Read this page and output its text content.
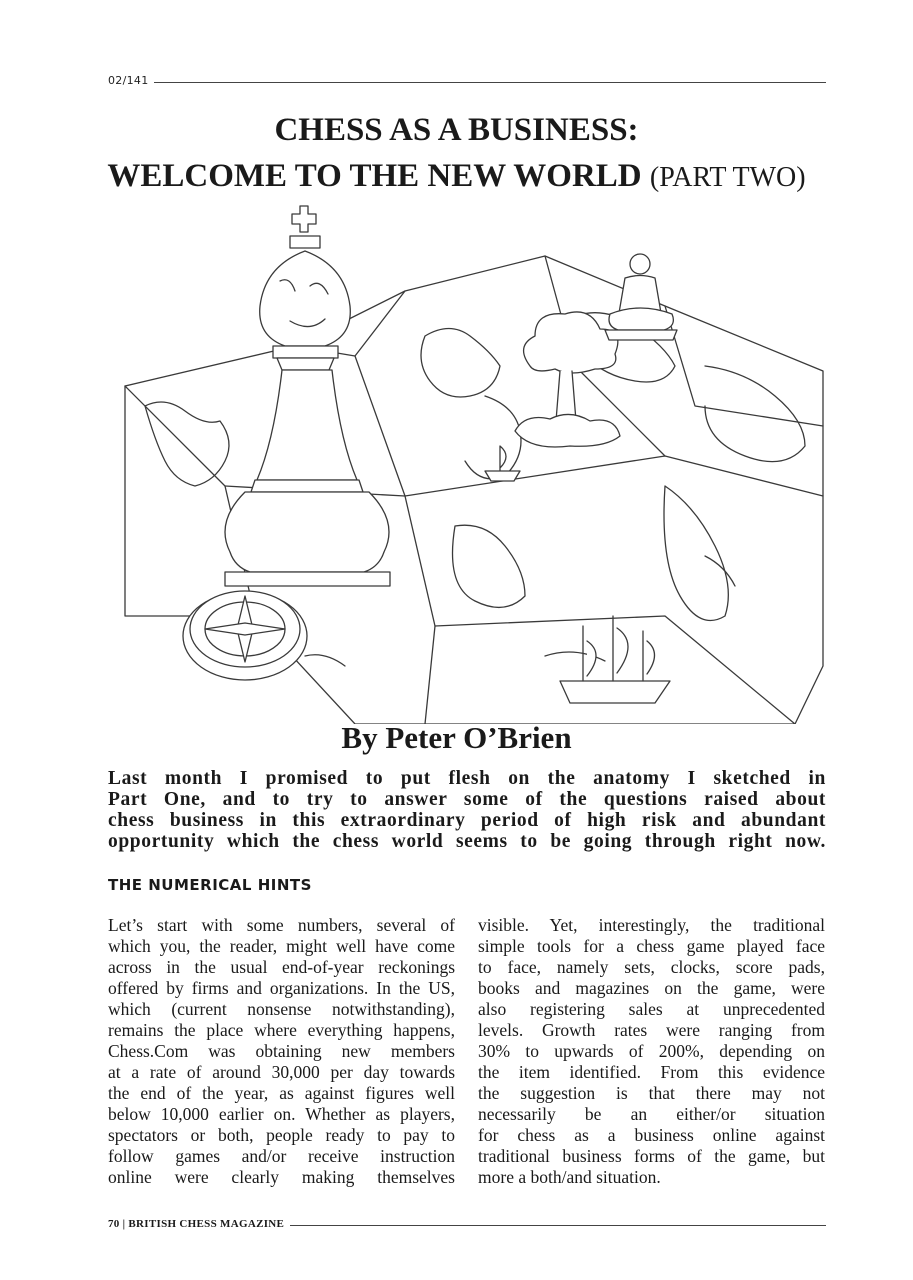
02/141
CHESS AS A BUSINESS:
WELCOME TO THE NEW WORLD (PART TWO)
By Peter O’Brien
Last month I promised to put flesh on the anatomy I sketched in
Part One, and to try to answer some of the questions raised about
chess business in this extraordinary period of high risk and abundant
opportunity which the chess world seems to be going through right now.
THE NUMERICAL HINTS
Let’s start with some numbers, several of
which you, the reader, might well have come
across in the usual end-of-year reckonings
offered by firms and organizations. In the US,
which (current nonsense notwithstanding),
remains the place where everything happens,
Chess.Com was obtaining new members
at a rate of around 30,000 per day towards
the end of the year, as against figures well
below 10,000 earlier on. Whether as players,
spectators or both, people ready to pay to
follow games and/or receive instruction
online were clearly making themselves
visible. Yet, interestingly, the traditional
simple tools for a chess game played face
to face, namely sets, clocks, score pads,
books and magazines on the game, were
also registering sales at unprecedented
levels. Growth rates were ranging from
30% to upwards of 200%, depending on
the item identified. From this evidence
the suggestion is that there may not
necessarily be an either/or situation
for chess as a business online against
traditional business forms of the game, but
more a both/and situation.
70 | BRITISH CHESS MAGAZINE
